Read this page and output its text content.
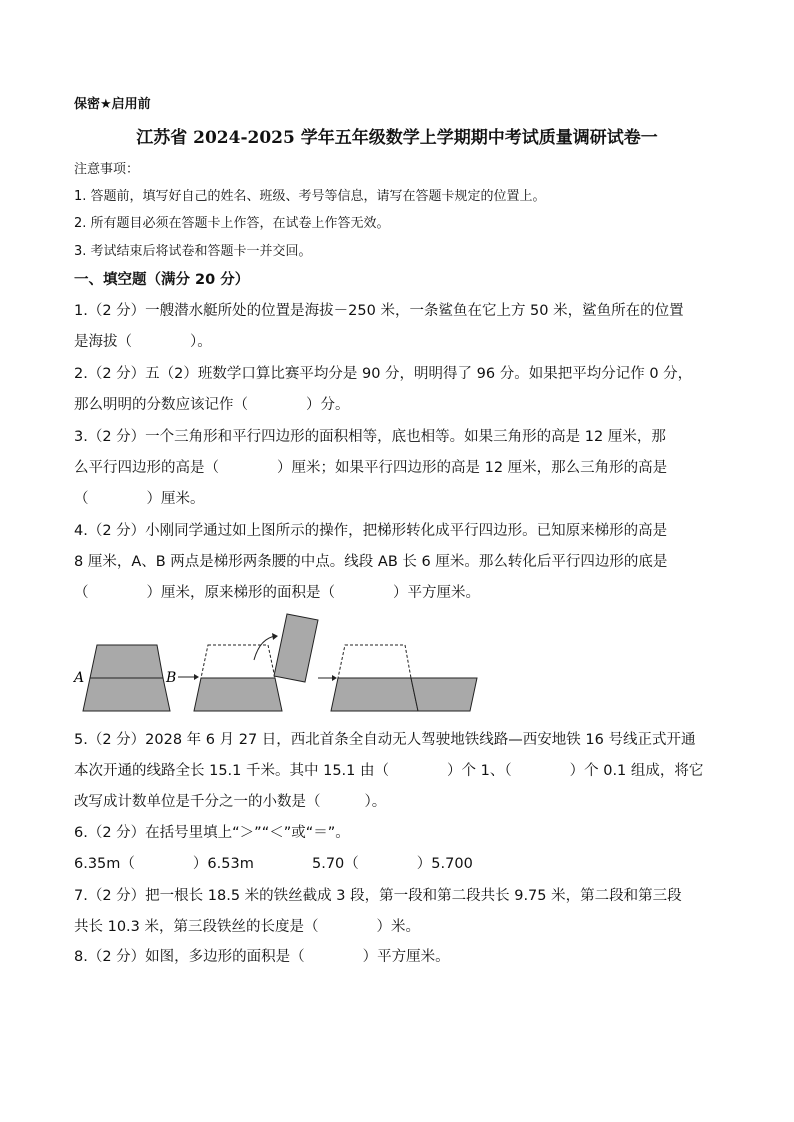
保密★启用前
江苏省 2024-2025 学年五年级数学上学期期中考试质量调研试卷一
注意事项：
1. 答题前，填写好自己的姓名、班级、考号等信息，请写在答题卡规定的位置上。
2. 所有题目必须在答题卡上作答，在试卷上作答无效。
3. 考试结束后将试卷和答题卡一并交回。
一、填空题（满分 20 分）
1.（2 分）一艘潜水艇所处的位置是海拔－250 米，一条鲨鱼在它上方 50 米，鲨鱼所在的位置
是海拔（	）。
2.（2 分）五（2）班数学口算比赛平均分是 90 分，明明得了 96 分。如果把平均分记作 0 分，
那么明明的分数应该记作（	）分。
3.（2 分）一个三角形和平行四边形的面积相等，底也相等。如果三角形的高是 12 厘米，那
么平行四边形的高是（	）厘米；如果平行四边形的高是 12 厘米，那么三角形的高是
（	）厘米。
4.（2 分）小刚同学通过如上图所示的操作，把梯形转化成平行四边形。已知原来梯形的高是
8 厘米，A、B 两点是梯形两条腰的中点。线段 AB 长 6 厘米。那么转化后平行四边形的底是
（	）厘米，原来梯形的面积是（	）平方厘米。
A	B
5.（2 分）2028 年 6 月 27 日，西北首条全自动无人驾驶地铁线路—西安地铁 16 号线正式开通
本次开通的线路全长 15.1 千米。其中 15.1 由（	）个 1、（	）个 0.1 组成，将它
改写成计数单位是千分之一的小数是（	）。
6.（2 分）在括号里填上“＞”“＜”或“＝”。
6.35m（	）6.53m	5.70（	）5.700
7.（2 分）把一根长 18.5 米的铁丝截成 3 段，第一段和第二段共长 9.75 米，第二段和第三段
共长 10.3 米，第三段铁丝的长度是（	）米。
8.（2 分）如图，多边形的面积是（	）平方厘米。
